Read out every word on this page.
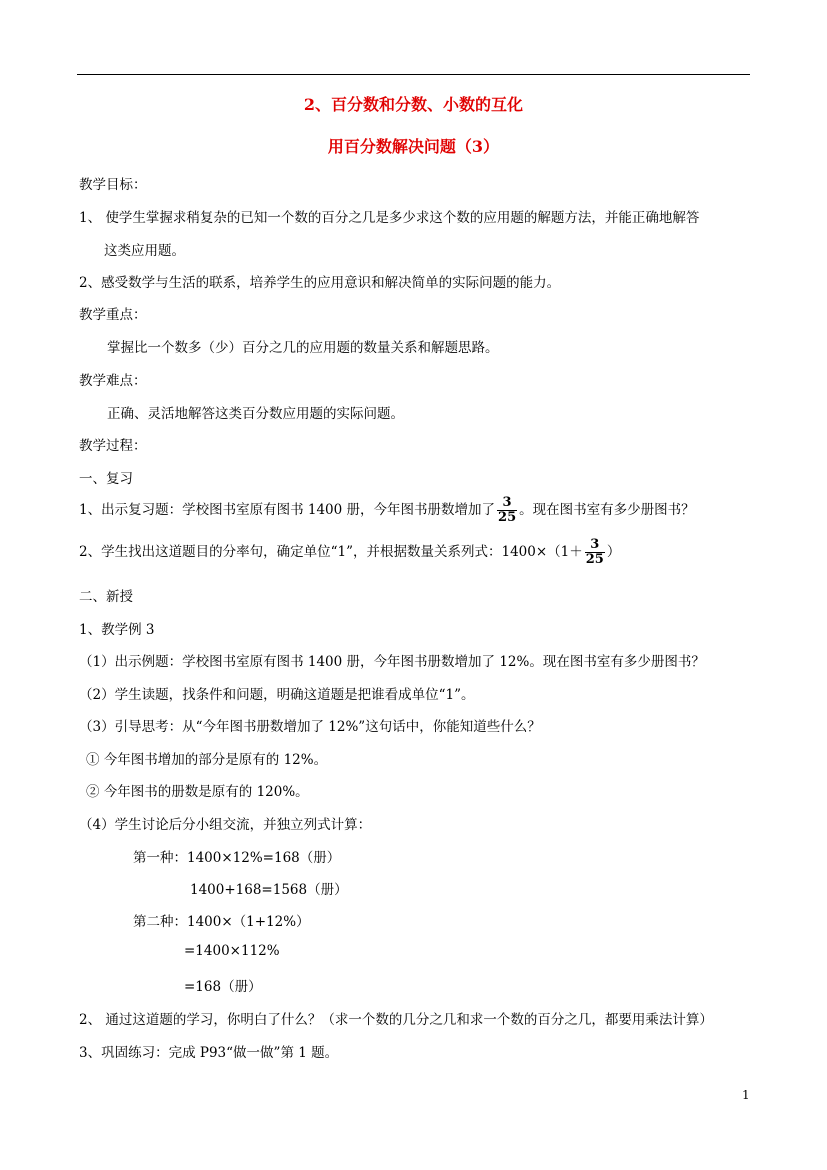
2、百分数和分数、小数的互化
用百分数解决问题（3）
教学目标：
1、 使学生掌握求稍复杂的已知一个数的百分之几是多少求这个数的应用题的解题方法，并能正确地解答
这类应用题。
2、感受数学与生活的联系，培养学生的应用意识和解决简单的实际问题的能力。
教学重点：
掌握比一个数多（少）百分之几的应用题的数量关系和解题思路。
教学难点：
正确、灵活地解答这类百分数应用题的实际问题。
教学过程：
一、复习
1、出示复习题：学校图书室原有图书 1400 册，今年图书册数增加了 $\frac{3}{25}$ 。现在图书室有多少册图书？
2、学生找出这道题目的分率句，确定单位“1”，并根据数量关系列式：$1400\times(1+ \frac{3}{25}$ ）
二、新授
1、教学例 3
（1）出示例题：学校图书室原有图书 1400 册，今年图书册数增加了 12%。现在图书室有多少册图书？
（2）学生读题，找条件和问题，明确这道题是把谁看成单位“1”。
（3）引导思考：从“今年图书册数增加了 12%”这句话中，你能知道些什么？
① 今年图书增加的部分是原有的 12%。
② 今年图书的册数是原有的 120%。
（4）学生讨论后分小组交流，并独立列式计算：
第一种：1400×12%=168（册）
1400+168=1568（册）
第二种：1400×（1+12%）
=1400×112%
=168（册）
2、 通过这道题的学习，你明白了什么？（求一个数的几分之几和求一个数的百分之几，都要用乘法计算）
3、巩固练习：完成 P93“做一做”第 1 题。
1
